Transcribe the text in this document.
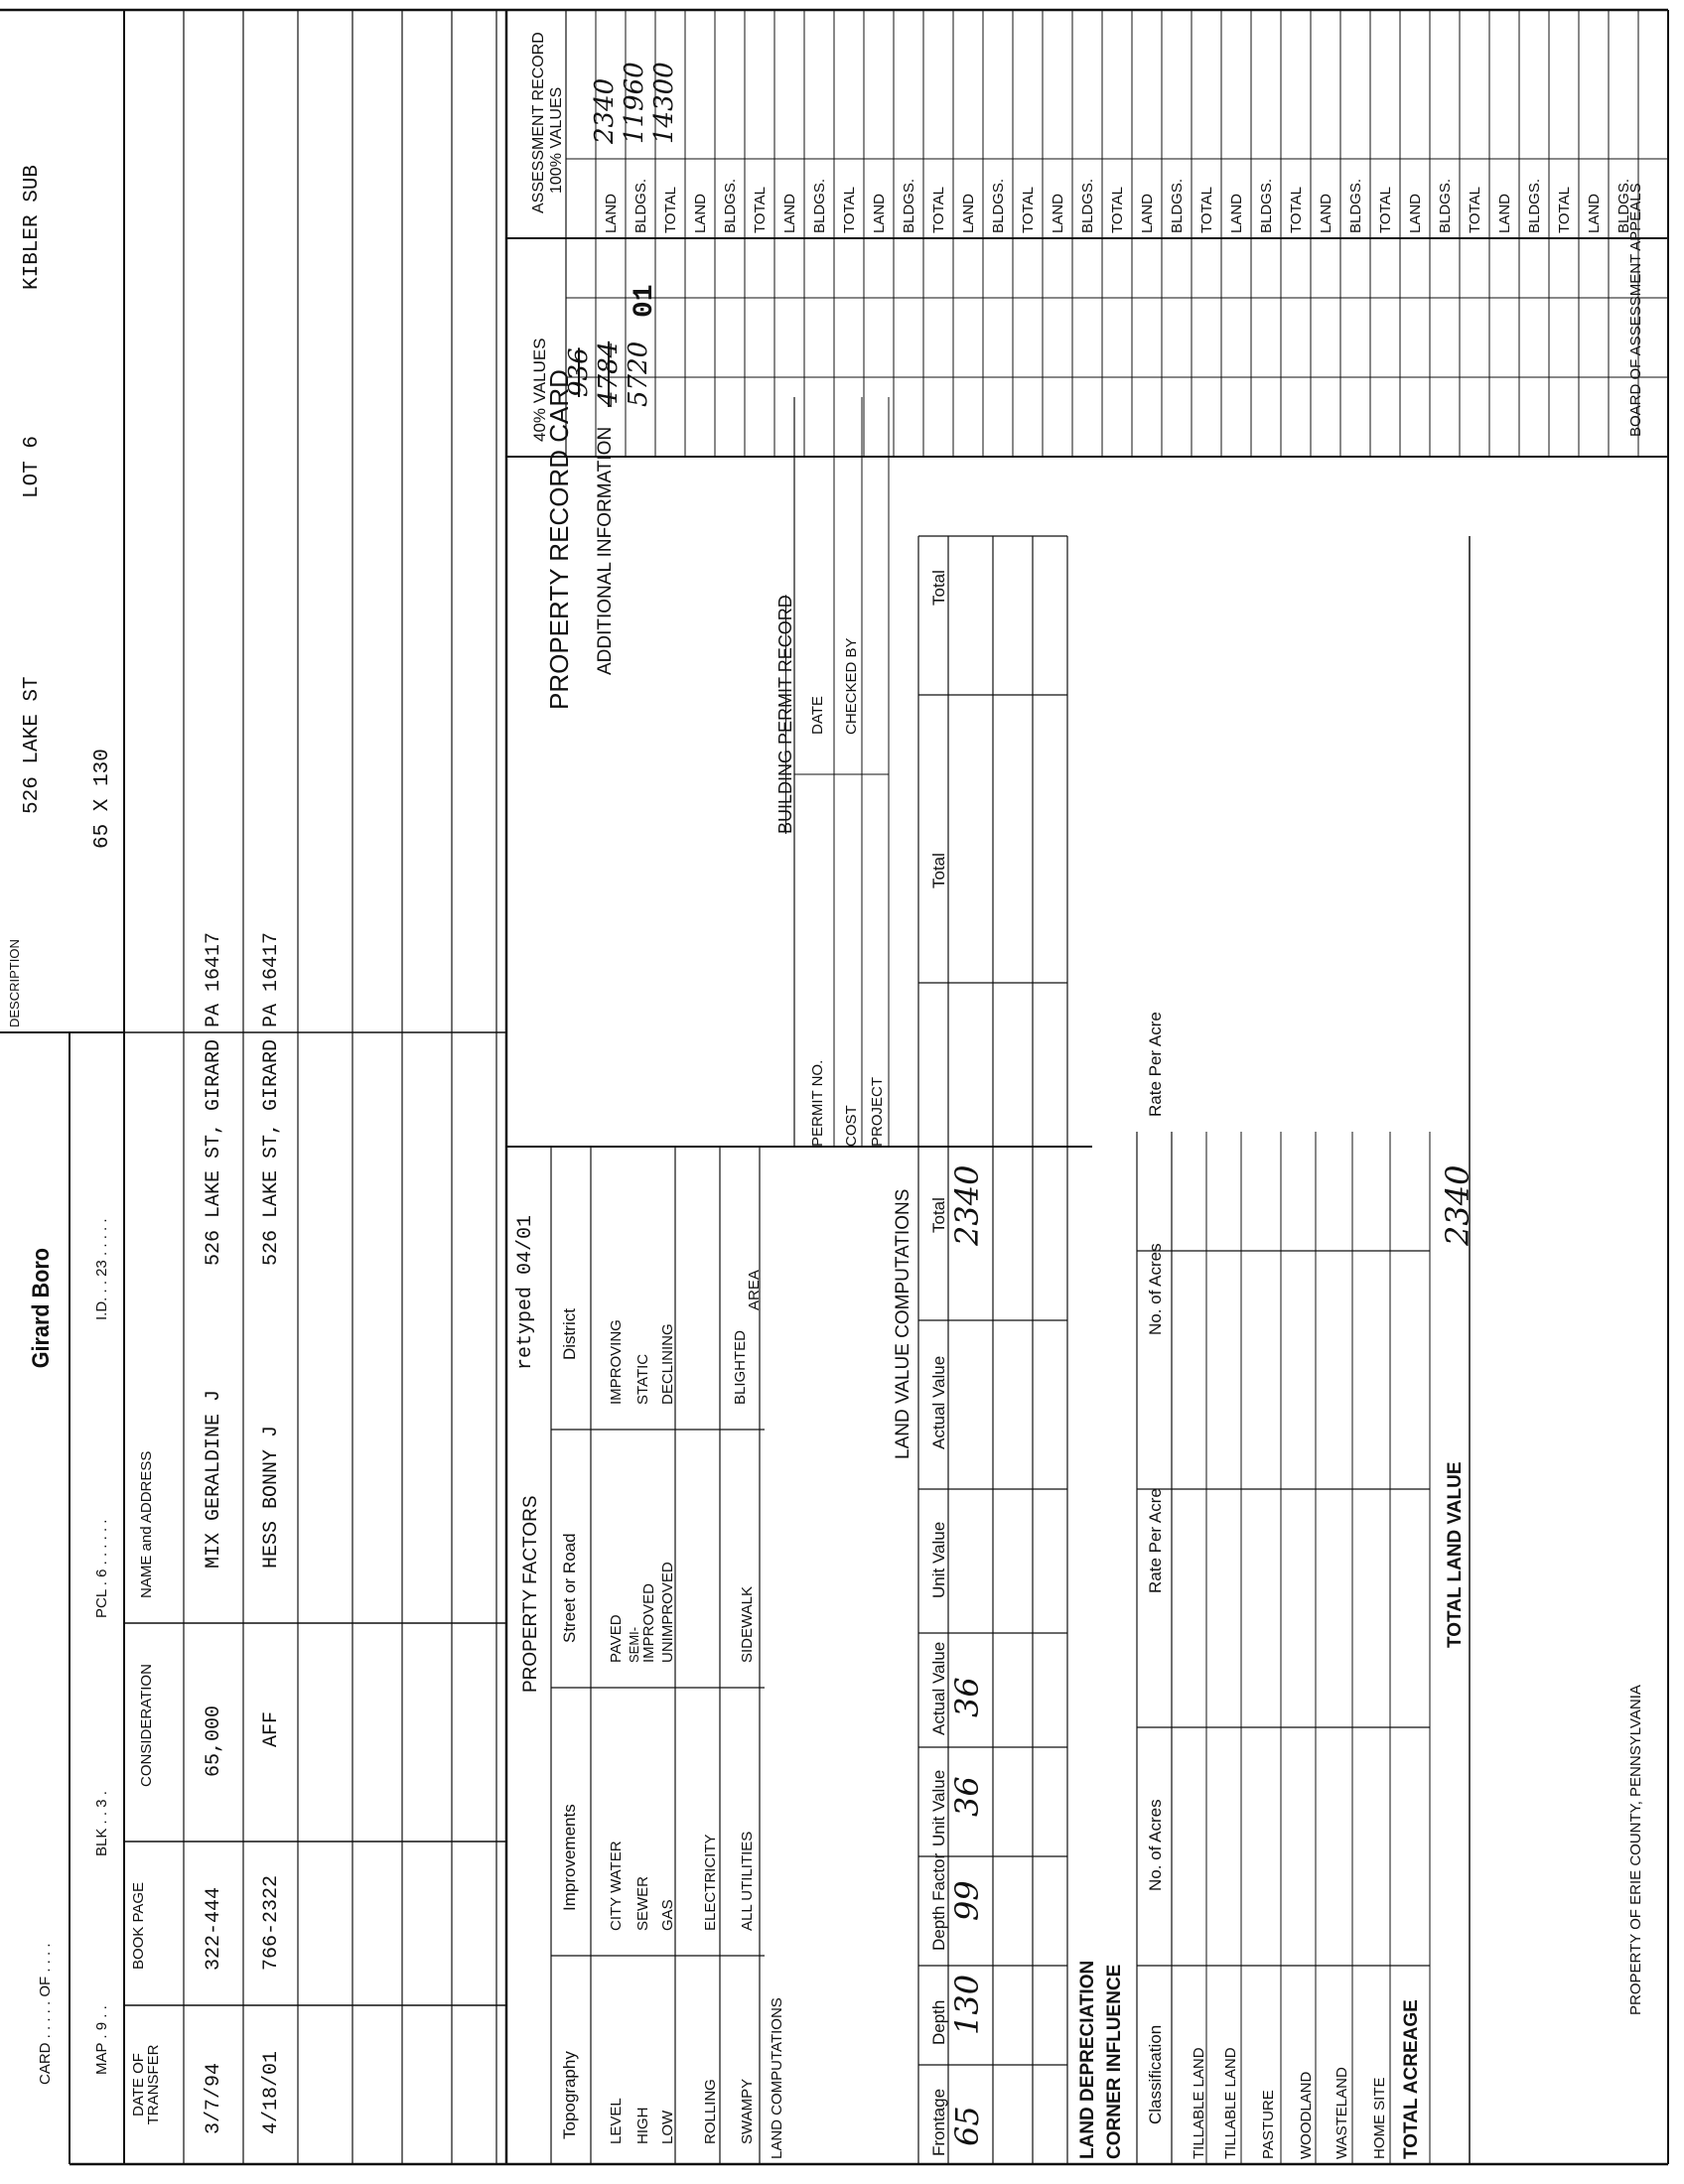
CARD . . . . . OF . . . .
Girard Boro
MAP . 9 . .
BLK . . 3 .
PCL . 6 . . . . . .
I.D. . . 23 . . . . .
DESCRIPTION
526 LAKE ST
LOT 6
KIBLER SUB
65 X 130
DATE OF TRANSFER
BOOK PAGE
CONSIDERATION
NAME and ADDRESS
3/7/94
322-444
65,000
MIX GERALDINE J
526 LAKE ST, GIRARD PA 16417
4/18/01
766-2322
AFF
HESS BONNY J
526 LAKE ST, GIRARD PA 16417
PROPERTY FACTORS
retyped 04/01
Topography
Improvements
Street or Road
District
LEVEL HIGH LOW ROLLING SWAMPY
CITY WATER SEWER GAS ELECTRICITY ALL UTILITIES
PAVED SEMI- IMPROVED UNIMPROVED	SIDEWALK
IMPROVING STATIC DECLINING	BLIGHTED
AREA
LAND COMPUTATIONS
LAND VALUE COMPUTATIONS
Frontage
Depth
Depth Factor
Unit Value
Actual Value
Unit Value
Actual Value
Total
Total
Total
65
130
99
36
36
2340
LAND DEPRECIATION CORNER INFLUENCE Classification
No. of Acres
Rate Per Acre
No. of Acres
Rate Per Acre
TILLABLE LAND TILLABLE LAND PASTURE WOODLAND WASTELAND HOME SITE TOTAL ACREAGE
TOTAL LAND VALUE
2340
PROPERTY RECORD CARD ADDITIONAL INFORMATION
BUILDING PERMIT RECORD
PERMIT NO. COST PROJECT
DATE CHECKED BY
40% VALUES 936 4784 5720
01
ASSESSMENT RECORD 100% VALUES
PROPERTY OF ERIE COUNTY, PENNSYLVANIA
BOARD OF ASSESSMENT APPEALS
LAND BLDGS. TOTAL LAND BLDGS. TOTAL LAND BLDGS. TOTAL LAND BLDGS. TOTAL LAND BLDGS. TOTAL LAND BLDGS. TOTAL LAND BLDGS. TOTAL LAND BLDGS. TOTAL LAND BLDGS. TOTAL LAND BLDGS. TOTAL LAND BLDGS. TOTAL LAND BLDGS.
2340 11960 14300
